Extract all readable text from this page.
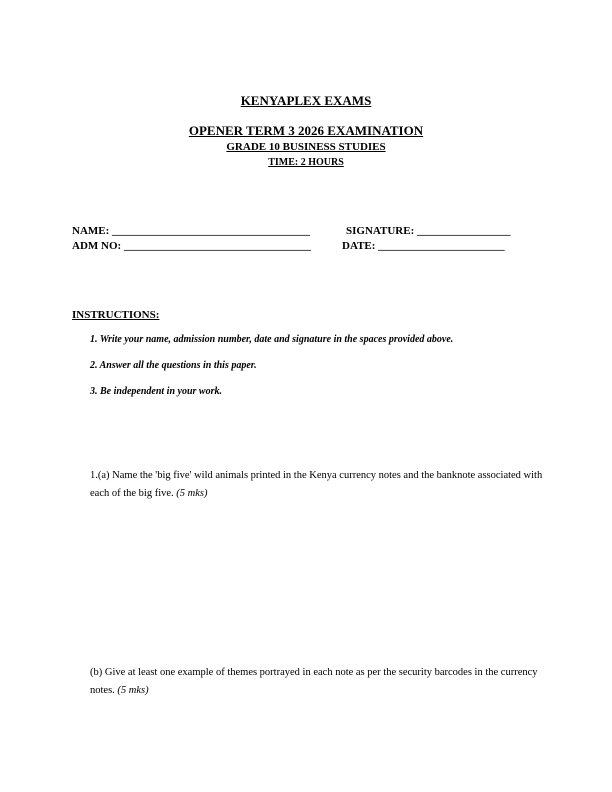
KENYAPLEX EXAMS
OPENER TERM 3 2026 EXAMINATION
GRADE 10 BUSINESS STUDIES
TIME: 2 HOURS
NAME: ____________________________________	SIGNATURE: _________________
ADM NO: __________________________________	DATE: _______________________
INSTRUCTIONS:
1. Write your name, admission number, date and signature in the spaces provided above.
2. Answer all the questions in this paper.
3. Be independent in your work.
1.(a) Name the 'big five' wild animals printed in the Kenya currency notes and the banknote associated with each of the big five. (5 mks)
(b) Give at least one example of themes portrayed in each note as per the security barcodes in the currency notes. (5 mks)
